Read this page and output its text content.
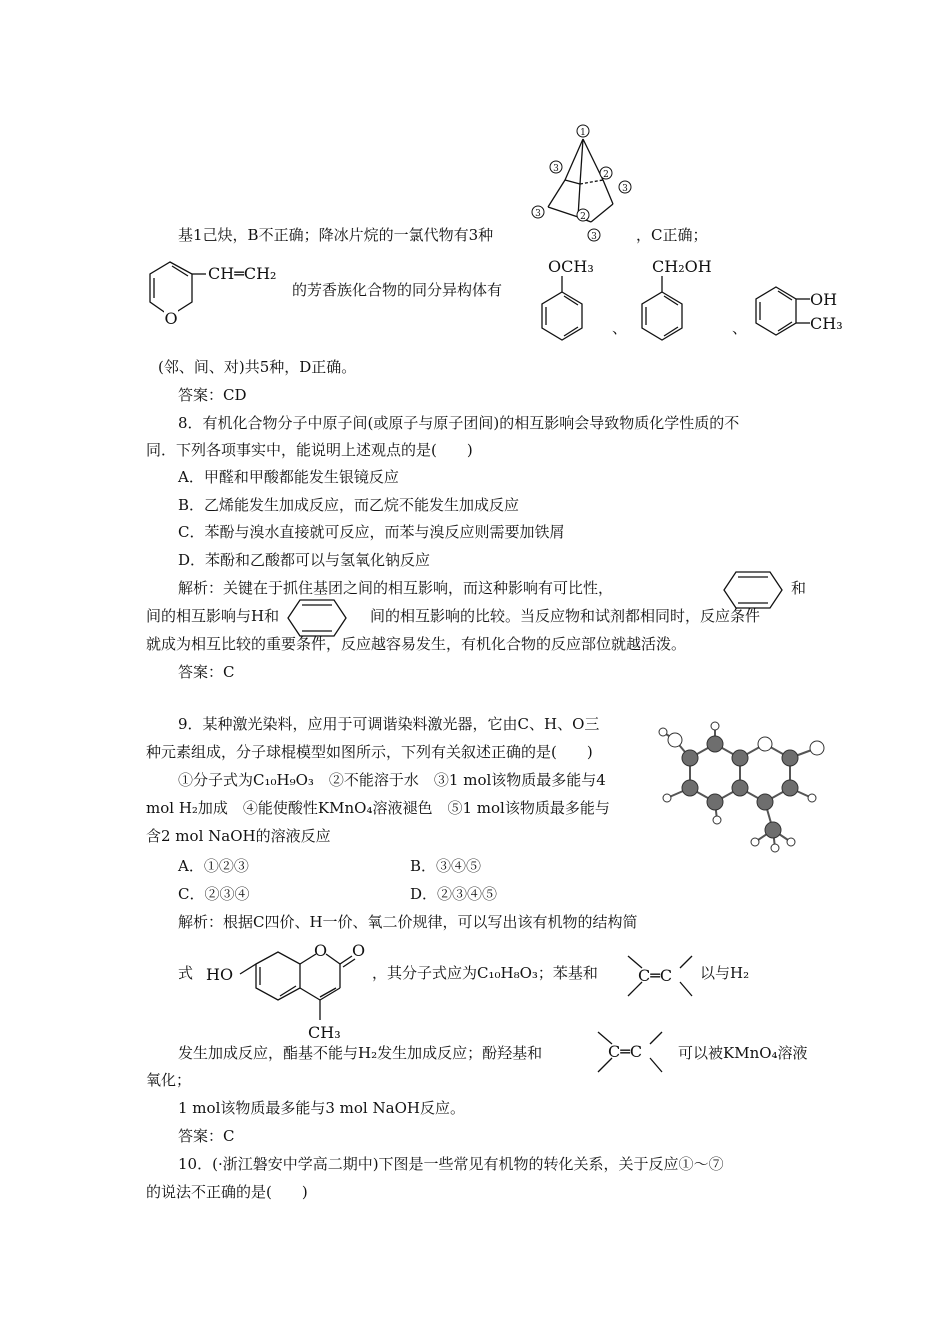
1
3
2
3
3	2
3
基1己炔，B不正确；降冰片烷的一氯代物有3种	，C正确；
O
CH═CH₂
的芳香族化合物的同分异构体有
OCH₃
、
CH₂OH
、
OH
CH₃
(邻、间、对)共5种，D正确。
答案：CD
8．有机化合物分子中原子间(或原子与原子团间)的相互影响会导致物质化学性质的不
同．下列各项事实中，能说明上述观点的是(　　)
A．甲醛和甲酸都能发生银镜反应
B．乙烯能发生加成反应，而乙烷不能发生加成反应
C．苯酚与溴水直接就可反应，而苯与溴反应则需要加铁屑
D．苯酚和乙酸都可以与氢氧化钠反应
解析：关键在于抓住基团之间的相互影响，而这种影响有可比性，	和
间的相互影响与H和	间的相互影响的比较。当反应物和试剂都相同时，反应条件
就成为相互比较的重要条件，反应越容易发生，有机化合物的反应部位就越活泼。
答案：C
9．某种激光染料，应用于可调谐染料激光器，它由C、H、O三
种元素组成，分子球棍模型如图所示，下列有关叙述正确的是(　　)
①分子式为C₁₀H₉O₃　②不能溶于水　③1 mol该物质最多能与4
mol H₂加成　④能使酸性KMnO₄溶液褪色　⑤1 mol该物质最多能与
含2 mol NaOH的溶液反应
A．①②③	B．③④⑤
C．②③④	D．②③④⑤
解析：根据C四价、H一价、氧二价规律，可以写出该有机物的结构简
式 HO
O O
CH₃
，其分子式应为C₁₀H₈O₃；苯基和	C═C 以与H₂
发生加成反应，酯基不能与H₂发生加成反应；酚羟基和	C═C 可以被KMnO₄溶液
氧化；
1 mol该物质最多能与3 mol NaOH反应。
答案：C
10．(·浙江磐安中学高二期中)下图是一些常见有机物的转化关系，关于反应①～⑦
的说法不正确的是(　　)
